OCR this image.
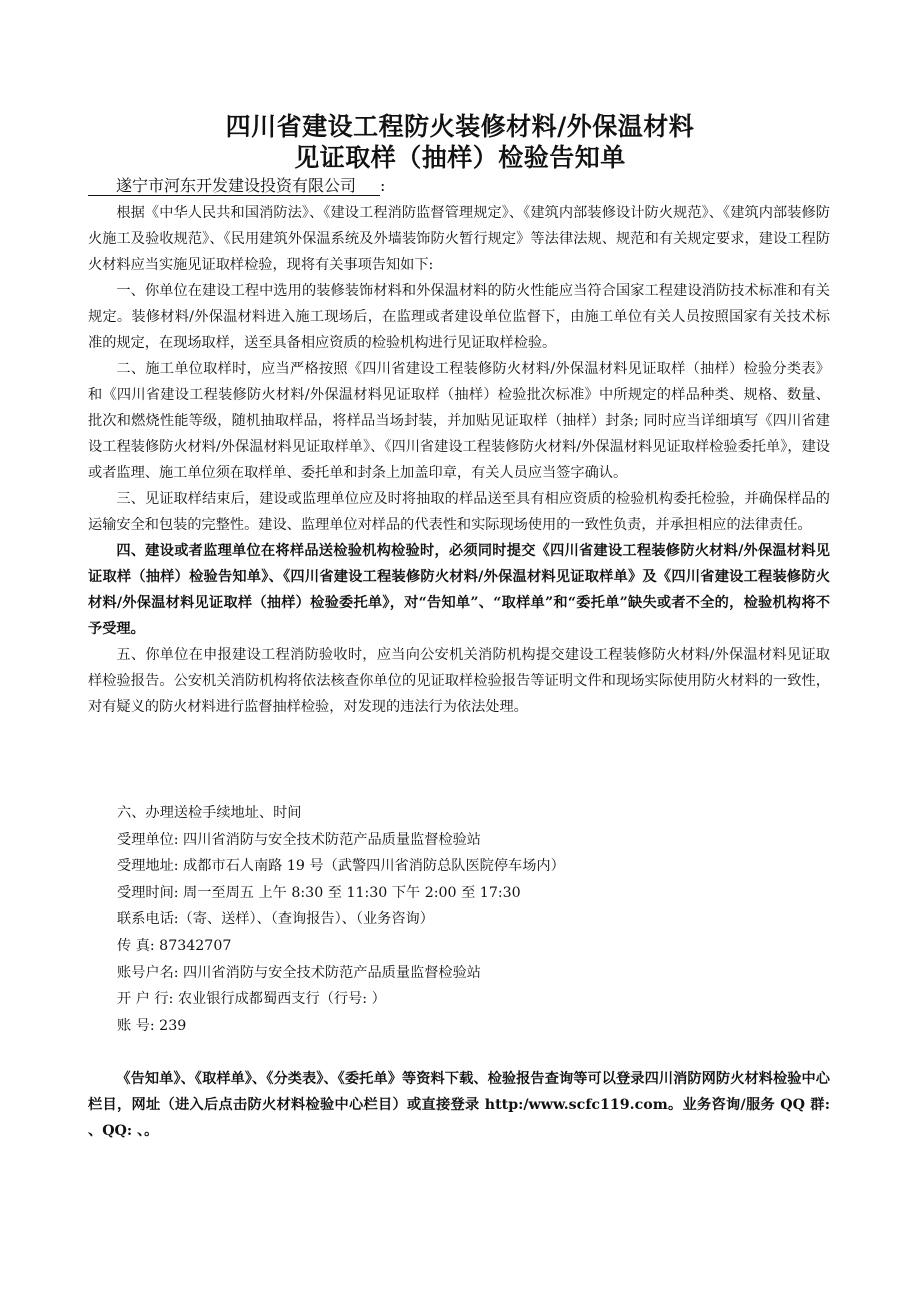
四川省建设工程防火装修材料/外保温材料
见证取样（抽样）检验告知单
遂宁市河东开发建设投资有限公司 :

根据《中华人民共和国消防法》、《建设工程消防监督管理规定》、《建筑内部装修设计防火规范》、《建筑内部装修防火施工及验收规范》、《民用建筑外保温系统及外墙装饰防火暂行规定》等法律法规、规范和有关规定要求，建设工程防火材料应当实施见证取样检验，现将有关事项告知如下:

一、你单位在建设工程中选用的装修装饰材料和外保温材料的防火性能应当符合国家工程建设消防技术标准和有关规定。装修材料/外保温材料进入施工现场后，在监理或者建设单位监督下，由施工单位有关人员按照国家有关技术标准的规定，在现场取样，送至具备相应资质的检验机构进行见证取样检验。

二、施工单位取样时，应当严格按照《四川省建设工程装修防火材料/外保温材料见证取样（抽样）检验分类表》和《四川省建设工程装修防火材料/外保温材料见证取样（抽样）检验批次标准》中所规定的样品种类、规格、数量、批次和燃烧性能等级，随机抽取样品，将样品当场封装，并加贴见证取样（抽样）封条; 同时应当详细填写《四川省建设工程装修防火材料/外保温材料见证取样单》、《四川省建设工程装修防火材料/外保温材料见证取样检验委托单》，建设或者监理、施工单位须在取样单、委托单和封条上加盖印章，有关人员应当签字确认。

三、见证取样结束后，建设或监理单位应及时将抽取的样品送至具有相应资质的检验机构委托检验，并确保样品的运输安全和包装的完整性。建设、监理单位对样品的代表性和实际现场使用的一致性负责，并承担相应的法律责任。

四、建设或者监理单位在将样品送检验机构检验时，必须同时提交《四川省建设工程装修防火材料/外保温材料见证取样（抽样）检验告知单》、《四川省建设工程装修防火材料/外保温材料见证取样单》及《四川省建设工程装修防火材料/外保温材料见证取样（抽样）检验委托单》，对“告知单”、“取样单”和“委托单”缺失或者不全的，检验机构将不予受理。

五、你单位在申报建设工程消防验收时，应当向公安机关消防机构提交建设工程装修防火材料/外保温材料见证取样检验报告。公安机关消防机构将依法核查你单位的见证取样检验报告等证明文件和现场实际使用防火材料的一致性，对有疑义的防火材料进行监督抽样检验，对发现的违法行为依法处理。

六、办理送检手续地址、时间
受理单位: 四川省消防与安全技术防范产品质量监督检验站
受理地址: 成都市石人南路 19 号（武警四川省消防总队医院停车场内）
受理时间: 周一至周五 上午 8:30 至 11:30 下午 2:00 至 17:30
联系电话:（寄、送样）、（查询报告）、（业务咨询）
传 真: 87342707
账号户名: 四川省消防与安全技术防范产品质量监督检验站
开 户 行: 农业银行成都蜀西支行（行号: ）
账 号: 239

《告知单》、《取样单》、《分类表》、《委托单》等资料下载、检验报告查询等可以登录四川消防网防火材料检验中心栏目，网址（进入后点击防火材料检验中心栏目）或直接登录 http:/www.scfc119.com。业务咨询/服务 QQ 群: 、QQ: 、。
